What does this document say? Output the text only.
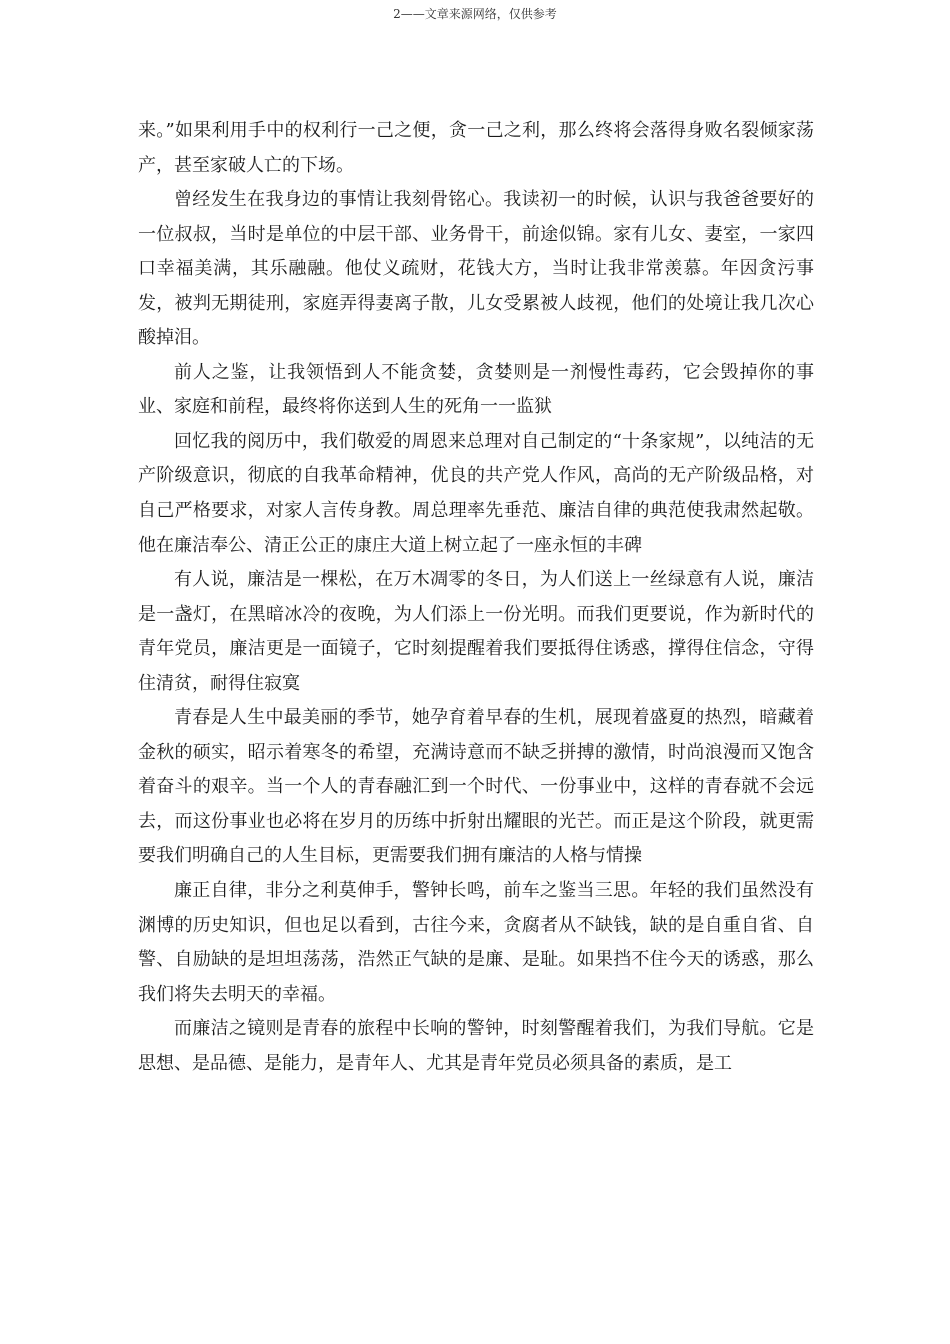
2——文章来源网络，仅供参考

来。”如果利用手中的权利行一己之便，贪一己之利，那么终将会落得身败名裂倾家荡产，甚至家破人亡的下场。

曾经发生在我身边的事情让我刻骨铭心。我读初一的时候，认识与我爸爸要好的一位叔叔，当时是单位的中层干部、业务骨干，前途似锦。家有儿女、妻室，一家四口幸福美满，其乐融融。他仗义疏财，花钱大方，当时让我非常羡慕。年因贪污事发，被判无期徒刑，家庭弄得妻离子散，儿女受累被人歧视，他们的处境让我几次心酸掉泪。

前人之鉴，让我领悟到人不能贪婪，贪婪则是一剂慢性毒药，它会毁掉你的事业、家庭和前程，最终将你送到人生的死角一一监狱

回忆我的阅历中，我们敬爱的周恩来总理对自己制定的“十条家规”，以纯洁的无产阶级意识，彻底的自我革命精神，优良的共产党人作风，高尚的无产阶级品格，对自己严格要求，对家人言传身教。周总理率先垂范、廉洁自律的典范使我肃然起敬。他在廉洁奉公、清正公正的康庄大道上树立起了一座永恒的丰碑

有人说，廉洁是一棵松，在万木凋零的冬日，为人们送上一丝绿意有人说，廉洁是一盏灯，在黑暗冰冷的夜晚，为人们添上一份光明。而我们更要说，作为新时代的青年党员，廉洁更是一面镜子，它时刻提醒着我们要抵得住诱惑，撑得住信念，守得住清贫，耐得住寂寞

青春是人生中最美丽的季节，她孕育着早春的生机，展现着盛夏的热烈，暗藏着金秋的硕实，昭示着寒冬的希望，充满诗意而不缺乏拼搏的激情，时尚浪漫而又饱含着奋斗的艰辛。当一个人的青春融汇到一个时代、一份事业中，这样的青春就不会远去，而这份事业也必将在岁月的历练中折射出耀眼的光芒。而正是这个阶段，就更需要我们明确自己的人生目标，更需要我们拥有廉洁的人格与情操

廉正自律，非分之利莫伸手，警钟长鸣，前车之鉴当三思。年轻的我们虽然没有渊博的历史知识，但也足以看到，古往今来，贪腐者从不缺钱，缺的是自重自省、自警、自励缺的是坦坦荡荡，浩然正气缺的是廉、是耻。如果挡不住今天的诱惑，那么我们将失去明天的幸福。

而廉洁之镜则是青春的旅程中长响的警钟，时刻警醒着我们，为我们导航。它是思想、是品德、是能力，是青年人、尤其是青年党员必须具备的素质，是工
